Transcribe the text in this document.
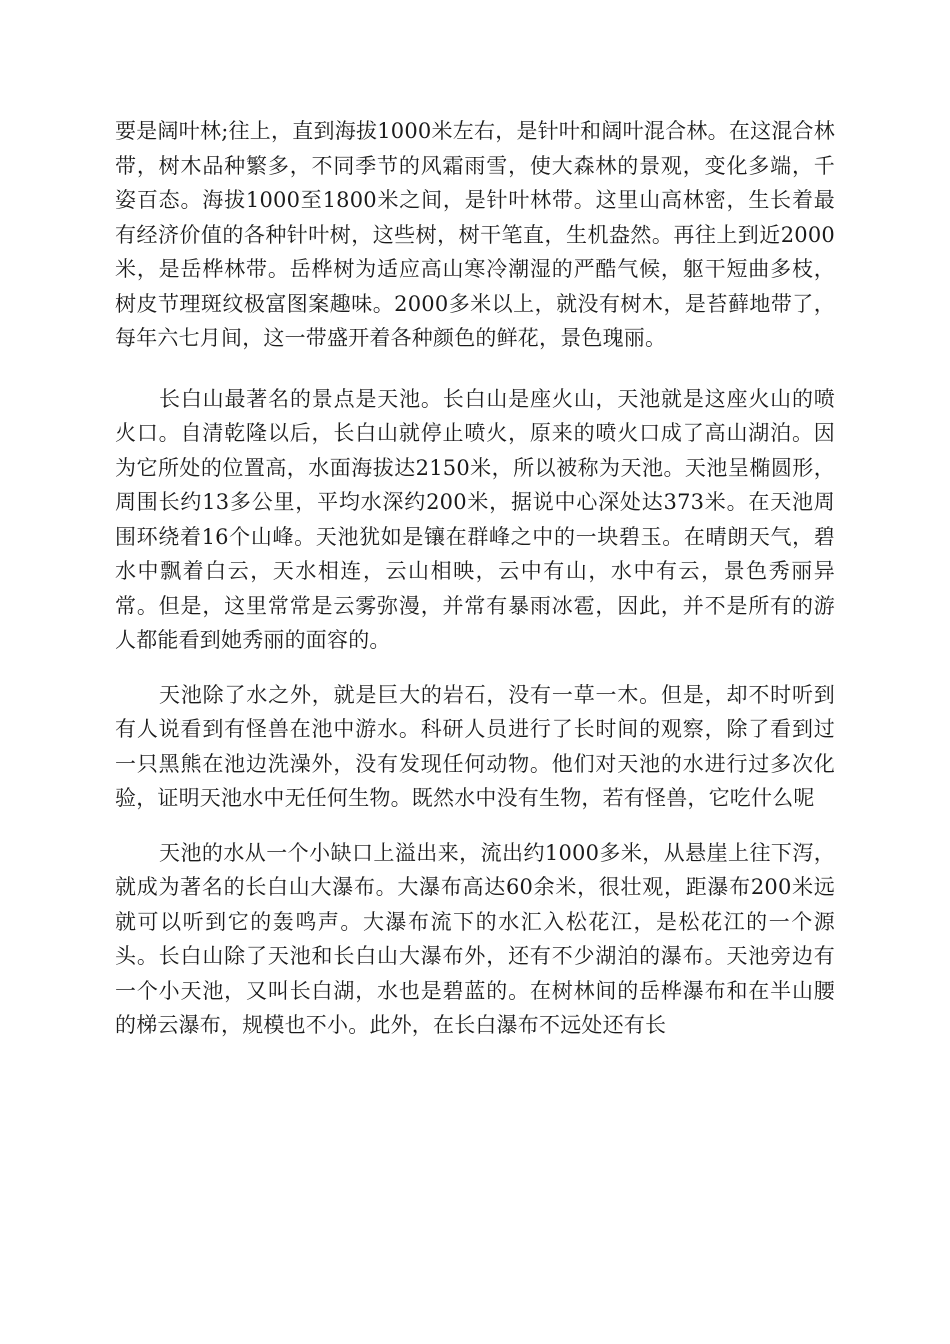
要是阔叶林;往上，直到海拔1000米左右，是针叶和阔叶混合林。在这混合林带，树木品种繁多，不同季节的风霜雨雪，使大森林的景观，变化多端，千姿百态。海拔1000至1800米之间，是针叶林带。这里山高林密，生长着最有经济价值的各种针叶树，这些树，树干笔直，生机盎然。再往上到近2000米，是岳桦林带。岳桦树为适应高山寒冷潮湿的严酷气候，躯干短曲多枝，树皮节理斑纹极富图案趣味。2000多米以上，就没有树木，是苔藓地带了，每年六七月间，这一带盛开着各种颜色的鲜花，景色瑰丽。

长白山最著名的景点是天池。长白山是座火山，天池就是这座火山的喷火口。自清乾隆以后，长白山就停止喷火，原来的喷火口成了高山湖泊。因为它所处的位置高，水面海拔达2150米，所以被称为天池。天池呈椭圆形，周围长约13多公里，平均水深约200米，据说中心深处达373米。在天池周围环绕着16个山峰。天池犹如是镶在群峰之中的一块碧玉。在晴朗天气，碧水中飘着白云，天水相连，云山相映，云中有山，水中有云，景色秀丽异常。但是，这里常常是云雾弥漫，并常有暴雨冰雹，因此，并不是所有的游人都能看到她秀丽的面容的。

天池除了水之外，就是巨大的岩石，没有一草一木。但是，却不时听到有人说看到有怪兽在池中游水。科研人员进行了长时间的观察，除了看到过一只黑熊在池边洗澡外，没有发现任何动物。他们对天池的水进行过多次化验，证明天池水中无任何生物。既然水中没有生物，若有怪兽，它吃什么呢

天池的水从一个小缺口上溢出来，流出约1000多米，从悬崖上往下泻，就成为著名的长白山大瀑布。大瀑布高达60余米，很壮观，距瀑布200米远就可以听到它的轰鸣声。大瀑布流下的水汇入松花江，是松花江的一个源头。长白山除了天池和长白山大瀑布外，还有不少湖泊的瀑布。天池旁边有一个小天池，又叫长白湖，水也是碧蓝的。在树林间的岳桦瀑布和在半山腰的梯云瀑布，规模也不小。此外，在长白瀑布不远处还有长
